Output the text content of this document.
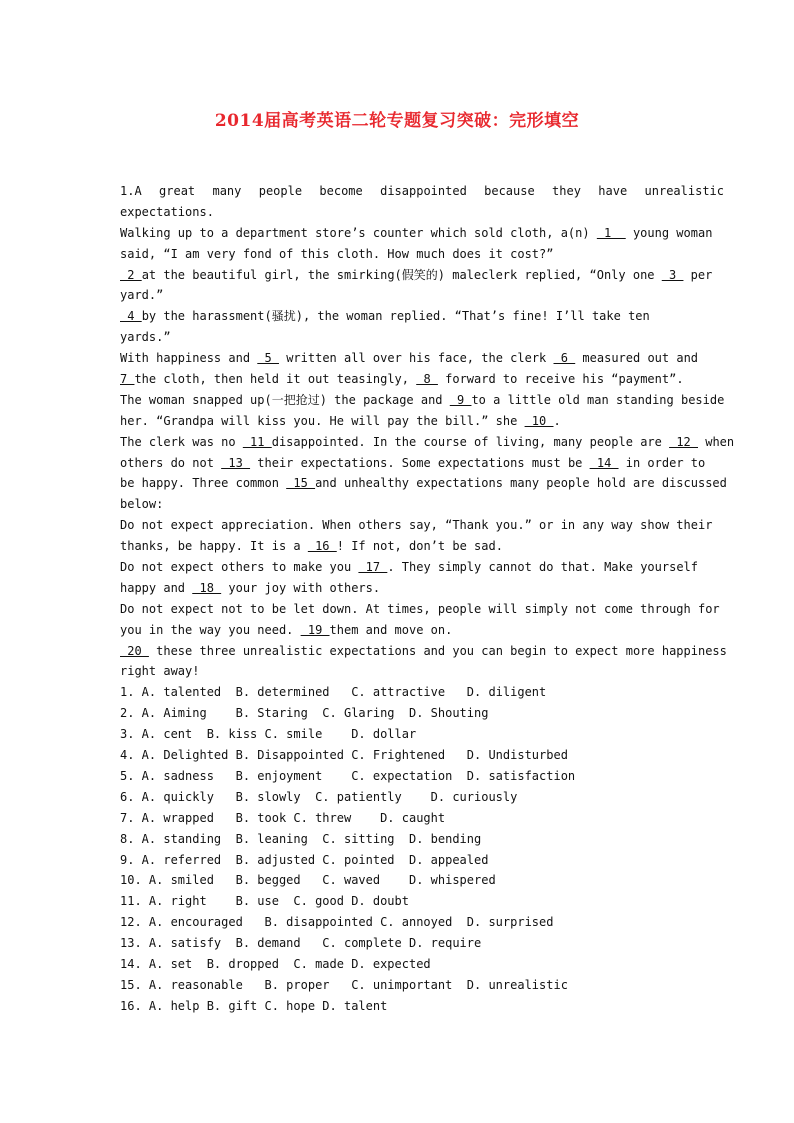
2014届高考英语二轮专题复习突破：完形填空
1.A great many people become disappointed because they have unrealistic
expectations.
Walking up to a department store’s counter which sold cloth, a(n)  1   young woman
said, “I am very fond of this cloth. How much does it cost?”
2 at the beautiful girl, the smirking(假笑的) maleclerk replied, “Only one  3  per
yard.”
4 by the harassment(骚扰), the woman replied. “That’s fine! I’ll take ten
yards.”
With happiness and  5  written all over his face, the clerk  6  measured out and
7 the cloth, then held it out teasingly,  8  forward to receive his “payment”.
The woman snapped up(一把抢过) the package and  9 to a little old man standing beside
her. “Grandpa will kiss you. He will pay the bill.” she  10 .
The clerk was no  11 disappointed. In the course of living, many people are  12  when
others do not  13  their expectations. Some expectations must be  14  in order to
be happy. Three common  15 and unhealthy expectations many people hold are discussed
below:
Do not expect appreciation. When others say, “Thank you.” or in any way show their
thanks, be happy. It is a  16 ! If not, don’t be sad.
Do not expect others to make you  17 . They simply cannot do that. Make yourself
happy and  18  your joy with others.
Do not expect not to be let down. At times, people will simply not come through for
you in the way you need.  19 them and move on.
20  these three unrealistic expectations and you can begin to expect more happiness
right away!
1. A. talented  B. determined   C. attractive   D. diligent
2. A. Aiming    B. Staring  C. Glaring  D. Shouting
3. A. cent  B. kiss C. smile    D. dollar
4. A. Delighted B. Disappointed C. Frightened   D. Undisturbed
5. A. sadness   B. enjoyment    C. expectation  D. satisfaction
6. A. quickly   B. slowly  C. patiently    D. curiously
7. A. wrapped   B. took C. threw    D. caught
8. A. standing  B. leaning  C. sitting  D. bending
9. A. referred  B. adjusted C. pointed  D. appealed
10. A. smiled   B. begged   C. waved    D. whispered
11. A. right    B. use  C. good D. doubt
12. A. encouraged   B. disappointed C. annoyed  D. surprised
13. A. satisfy  B. demand   C. complete D. require
14. A. set  B. dropped  C. made D. expected
15. A. reasonable   B. proper   C. unimportant  D. unrealistic
16. A. help B. gift C. hope D. talent
